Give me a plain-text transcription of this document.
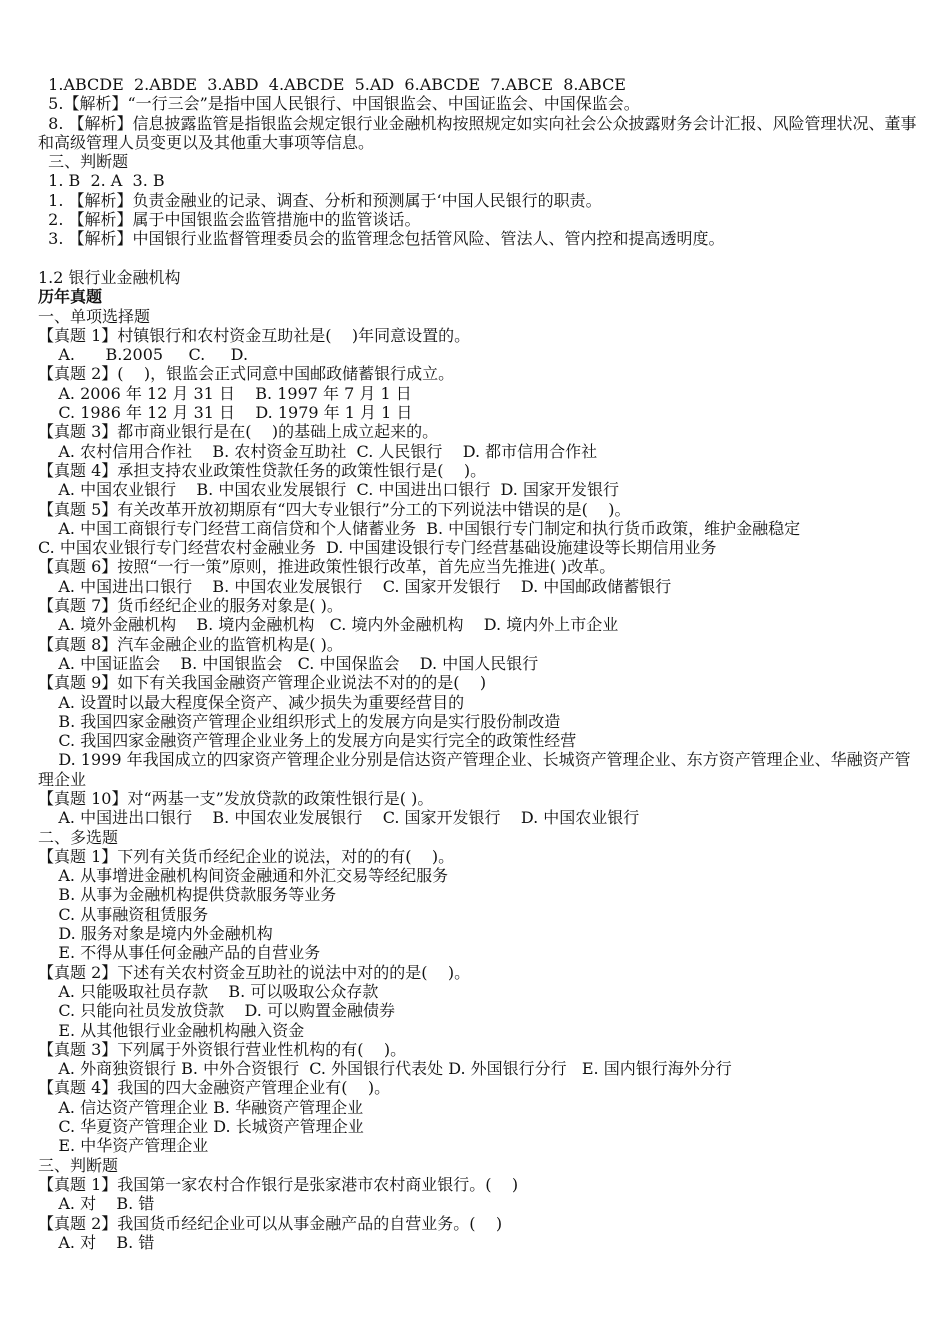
1.ABCDE  2.ABDE  3.ABD  4.ABCDE  5.AD  6.ABCDE  7.ABCE  8.ABCE

5.【解析】“一行三会”是指中国人民银行、中国银监会、中国证监会、中国保监会。

8. 【解析】信息披露监管是指银监会规定银行业金融机构按照规定如实向社会公众披露财务会计汇报、风险管理状况、董事和高级管理人员变更以及其他重大事项等信息。

三、判断题

1. B  2. A  3. B

1. 【解析】负责金融业的记录、调查、分析和预测属于‘中国人民银行的职责。

2. 【解析】属于中国银监会监管措施中的监管谈话。

3. 【解析】中国银行业监督管理委员会的监管理念包括管风险、管法人、管内控和提高透明度。

1.2 银行业金融机构

历年真题

一、单项选择题

【真题 1】村镇银行和农村资金互助社是(    )年同意设置的。

A.      B.2005     C.     D.

【真题 2】(    )，银监会正式同意中国邮政储蓄银行成立。

A. 2006 年 12 月 31 日    B. 1997 年 7 月 1 日

C. 1986 年 12 月 31 日    D. 1979 年 1 月 1 日

【真题 3】都市商业银行是在(    )的基础上成立起来的。

A. 农村信用合作社    B. 农村资金互助社  C. 人民银行    D. 都市信用合作社

【真题 4】承担支持农业政策性贷款任务的政策性银行是(    )。

A. 中国农业银行    B. 中国农业发展银行  C. 中国进出口银行  D. 国家开发银行

【真题 5】有关改革开放初期原有“四大专业银行”分工的下列说法中错误的是(    )。

A. 中国工商银行专门经营工商信贷和个人储蓄业务  B. 中国银行专门制定和执行货币政策，维护金融稳定

C. 中国农业银行专门经营农村金融业务  D. 中国建设银行专门经营基础设施建设等长期信用业务

【真题 6】按照“一行一策”原则，推进政策性银行改革，首先应当先推进( )改革。

A. 中国进出口银行    B. 中国农业发展银行    C. 国家开发银行    D. 中国邮政储蓄银行

【真题 7】货币经纪企业的服务对象是( )。

A. 境外金融机构    B. 境内金融机构   C. 境内外金融机构    D. 境内外上市企业

【真题 8】汽车金融企业的监管机构是( )。

A. 中国证监会    B. 中国银监会   C. 中国保监会    D. 中国人民银行

【真题 9】如下有关我国金融资产管理企业说法不对的的是(    )

A. 设置时以最大程度保全资产、减少损失为重要经营目的

B. 我国四家金融资产管理企业组织形式上的发展方向是实行股份制改造

C. 我国四家金融资产管理企业业务上的发展方向是实行完全的政策性经营

D. 1999 年我国成立的四家资产管理企业分别是信达资产管理企业、长城资产管理企业、东方资产管理企业、华融资产管理企业

【真题 10】对“两基一支”发放贷款的政策性银行是( )。

A. 中国进出口银行    B. 中国农业发展银行    C. 国家开发银行    D. 中国农业银行

二、多选题

【真题 1】下列有关货币经纪企业的说法，对的的有(    )。

A. 从事增进金融机构间资金融通和外汇交易等经纪服务

B. 从事为金融机构提供贷款服务等业务

C. 从事融资租赁服务

D. 服务对象是境内外金融机构

E. 不得从事任何金融产品的自营业务

【真题 2】下述有关农村资金互助社的说法中对的的是(    )。

A. 只能吸取社员存款    B. 可以吸取公众存款

C. 只能向社员发放贷款    D. 可以购置金融债券

E. 从其他银行业金融机构融入资金

【真题 3】下列属于外资银行营业性机构的有(    )。

A. 外商独资银行 B. 中外合资银行  C. 外国银行代表处 D. 外国银行分行   E. 国内银行海外分行

【真题 4】我国的四大金融资产管理企业有(    )。

A. 信达资产管理企业 B. 华融资产管理企业

C. 华夏资产管理企业 D. 长城资产管理企业

E. 中华资产管理企业

三、判断题

【真题 1】我国第一家农村合作银行是张家港市农村商业银行。(    )

A. 对    B. 错

【真题 2】我国货币经纪企业可以从事金融产品的自营业务。(    )

A. 对    B. 错
